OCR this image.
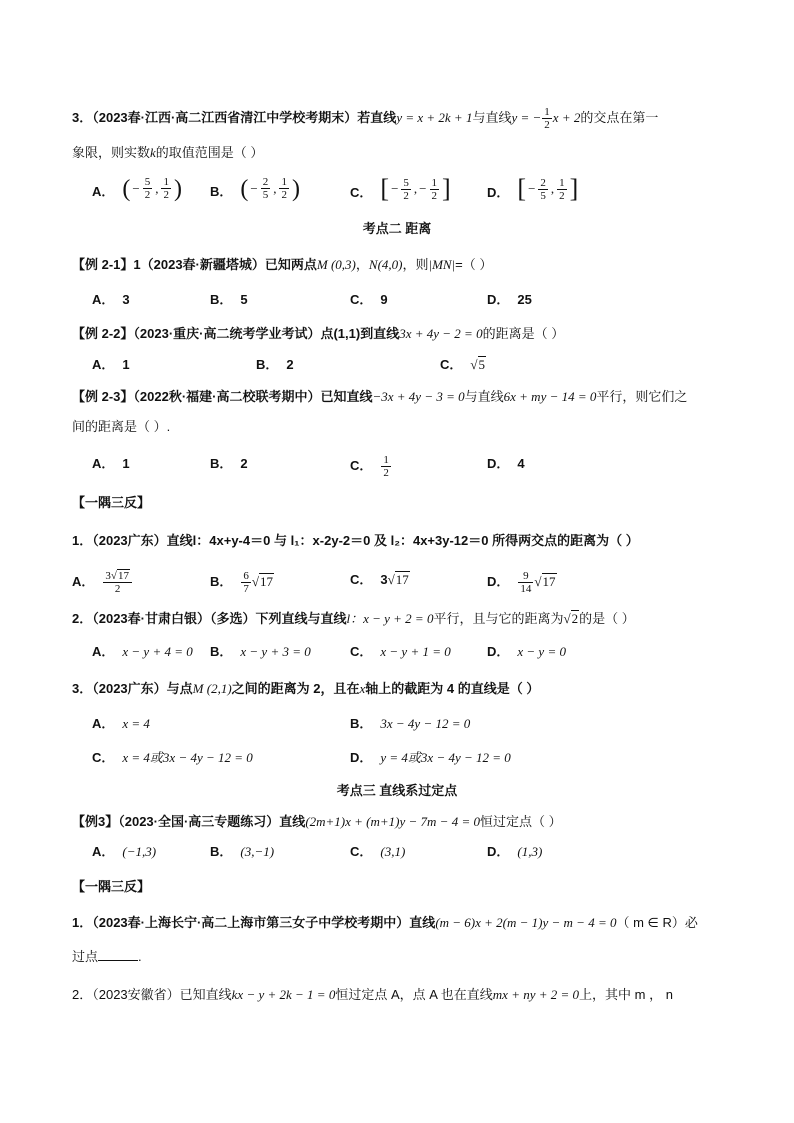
3．（2023春·江西·高二江西省清江中学校考期末）若直线y = x + 2k + 1与直线y = − $\frac{1}{2}$ x + 2的交点在第一
象限，则实数k的取值范围是（ ）
A． ( − $\frac{5}{2}$ , $\frac{1}{2}$ ) B． ( − $\frac{2}{5}$ , $\frac{1}{2}$ )	C． [ − $\frac{5}{2}$ , − $\frac{1}{2}$ ]	D． [ − $\frac{2}{5}$ , $\frac{1}{2}$ ]
考点二 距离
【例 2-1】1（2023春·新疆塔城）已知两点M (0,3)，N(4,0)，则|MN|=（ ）
A． 3	B． 5	C． 9	D． 25
【例 2-2】（2023·重庆·高二统考学业考试）点(1,1)到直线3x + 4y − 2 = 0的距离是（ ）
A． 1	B． 2	C． √5
【例 2-3】（2022秋·福建·高二校联考期中）已知直线−3x + 4y − 3 = 0与直线6x + my − 14 = 0平行，则它们之
间的距离是（ ）.
A． 1	B． 2	C． $\frac{1}{2}$	D． 4
【一隅三反】
1．（2023广东）直线l：4x+y-4＝0 与 l₁：x-2y-2＝0 及 l₂：4x+3y-12＝0 所得两交点的距离为（ ）
A． $\frac{3√17}{2}$	B． $\frac{6}{7} √17$	C． 3√17	D． $\frac{9}{14} √17$
2．（2023春·甘肃白银）（多选）下列直线与直线l：x − y + 2 = 0平行，且与它的距离为√2的是（ ）
A． x − y + 4 = 0 B． x − y + 3 = 0	C． x − y + 1 = 0	D． x − y = 0
3．（2023广东）与点M (2,1)之间的距离为 2，且在x轴上的截距为 4 的直线是（ ）
A． x = 4	B． 3x − 4y − 12 = 0
C． x = 4或3x − 4y − 12 = 0	D． y = 4或3x − 4y − 12 = 0
考点三 直线系过定点
【例3】（2023·全国·高三专题练习）直线(2m+1)x + (m+1)y − 7m − 4 = 0恒过定点（ ）
A． (−1,3)	B． (3,−1)	C． (3,1)	D． (1,3)
【一隅三反】
1．（2023春·上海长宁·高二上海市第三女子中学校考期中）直线(m − 6)x + 2(m − 1)y − m − 4 = 0（ m ∈ R）必
过点	.
2．（2023安徽省）已知直线kx − y + 2k − 1 = 0恒过定点 A，点 A 也在直线mx + ny + 2 = 0上，其中 m ， n
